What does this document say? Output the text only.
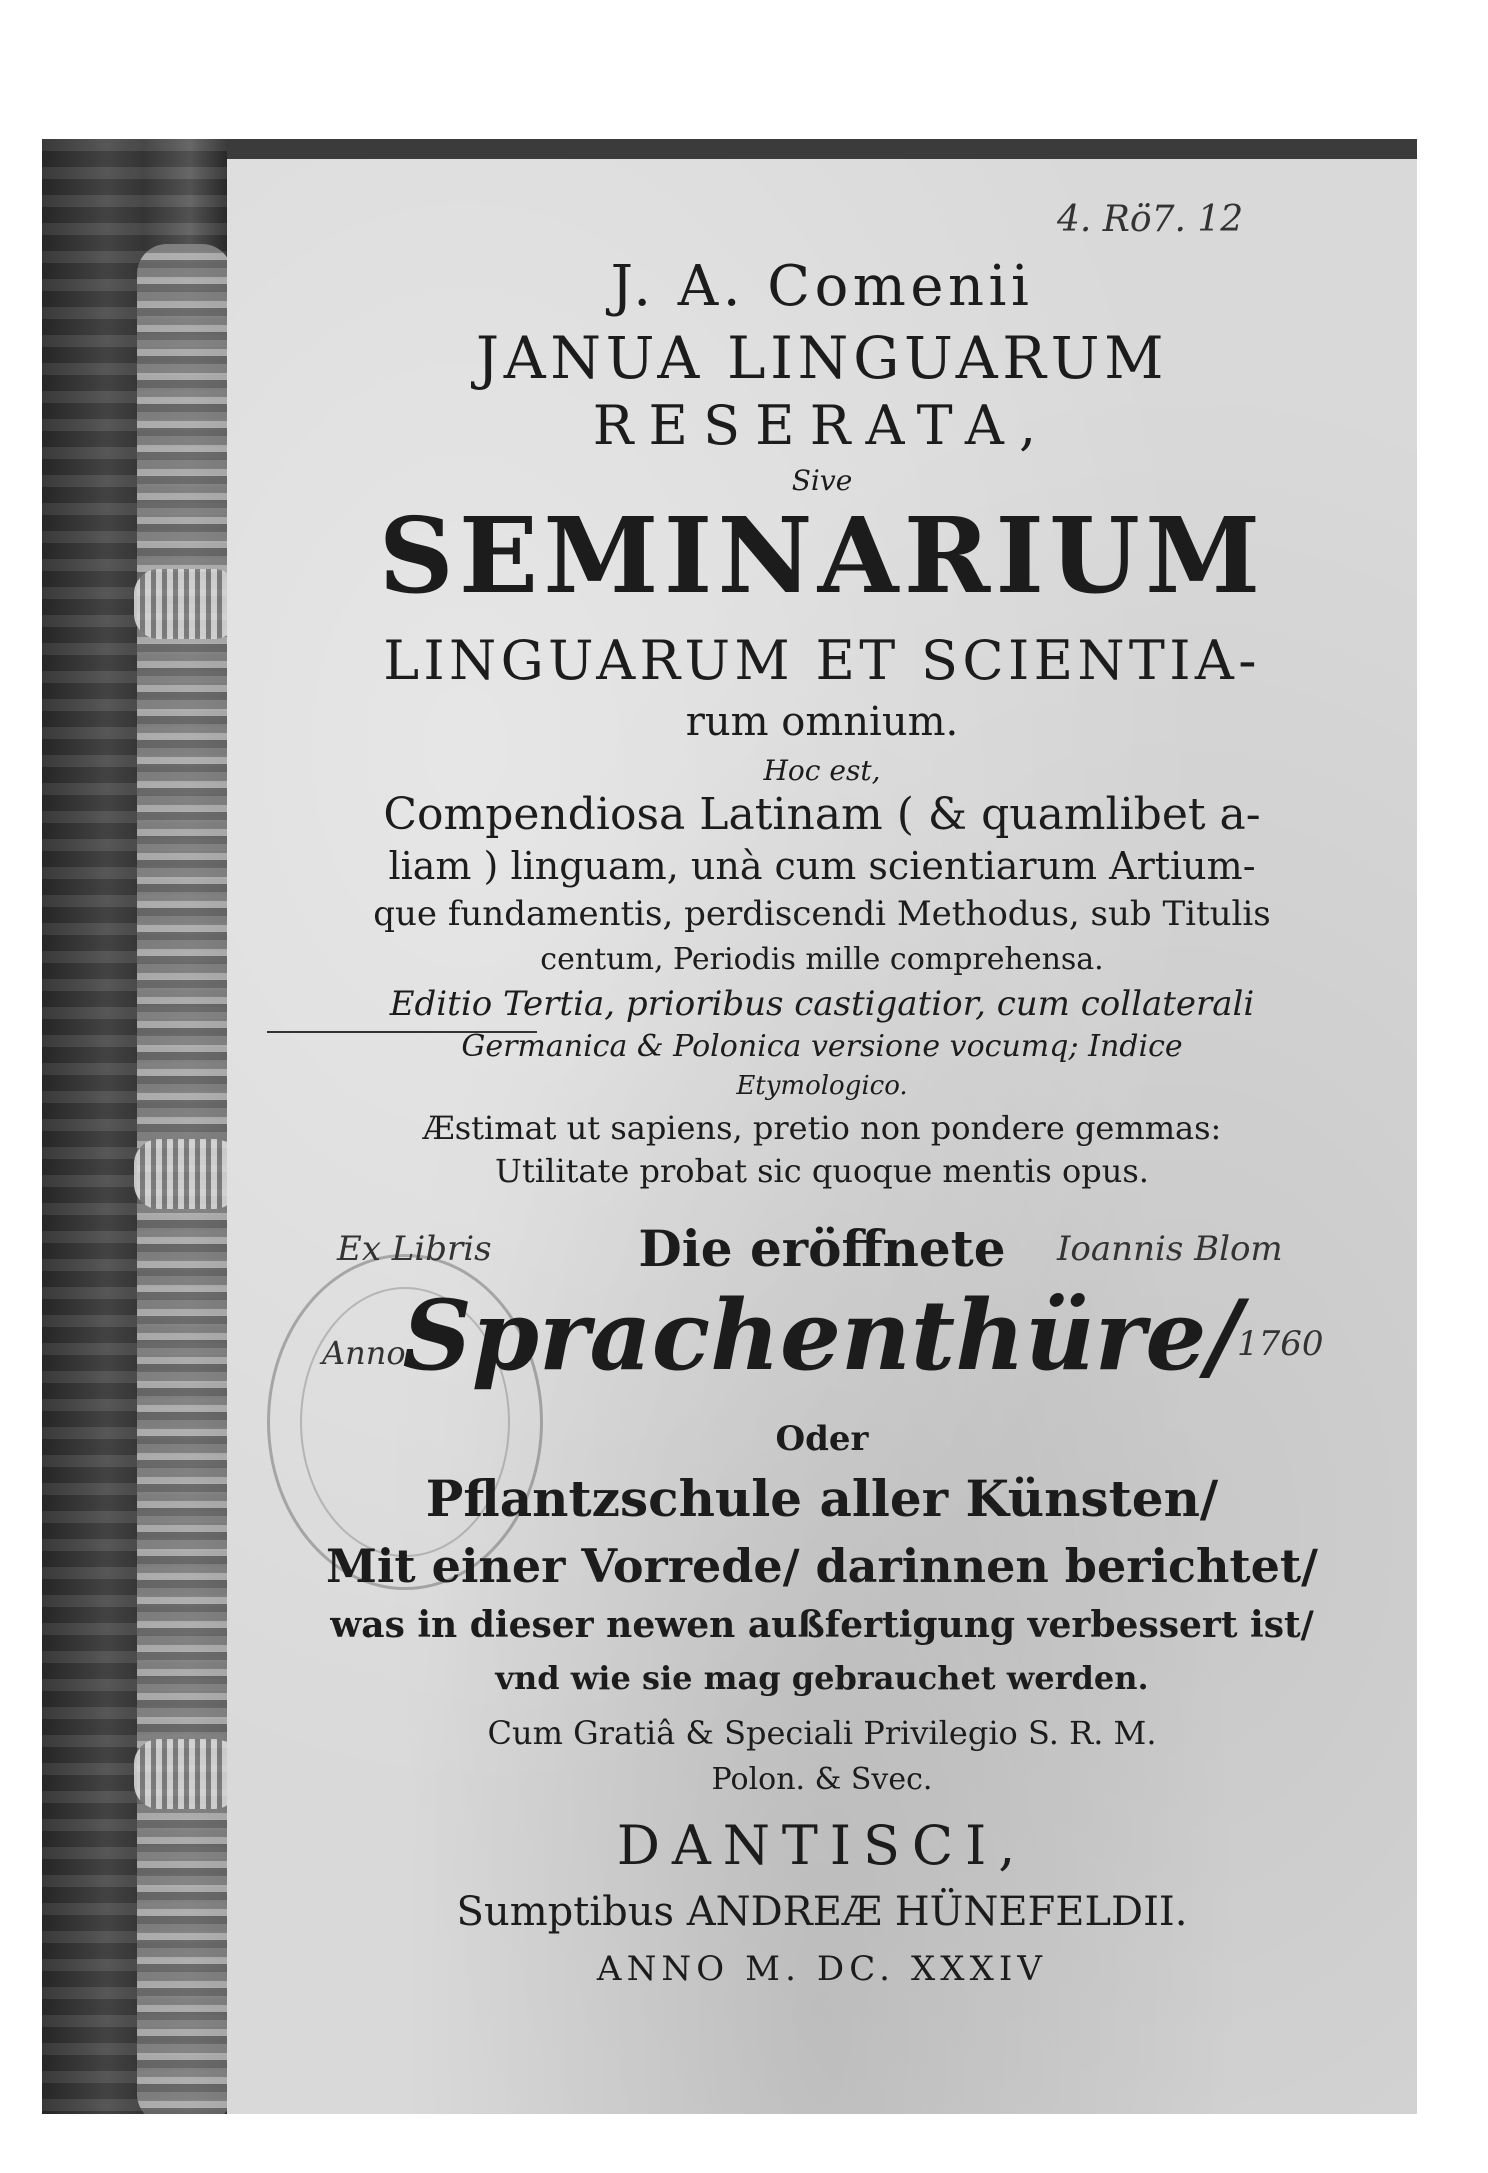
4. Rö7. 12

J. A. Comenii

JANUA LINGUARUM

RESERATA,

Sive

SEMINARIUM

LINGUARUM ET SCIENTIA-

rum omnium.

Hoc est,

Compendiosa Latinam ( & quamlibet a-

liam ) linguam, unà cum scientiarum Artium-

que fundamentis, perdiscendi Methodus, sub Titulis

centum, Periodis mille comprehensa.

Editio Tertia, prioribus castigatior, cum collaterali

Germanica & Polonica versione vocumq; Indice

Etymologico.

Æstimat ut sapiens, pretio non pondere gemmas:

Utilitate probat sic quoque mentis opus.

Ex Libris	Ioannis Blom

Die eröffnete

Anno	1760

Sprachenthüre/

Oder

Pflantzschule aller Künsten/

Mit einer Vorrede/ darinnen berichtet/

was in dieser newen außfertigung verbessert ist/

vnd wie sie mag gebrauchet werden.

Cum Gratiâ & Speciali Privilegio S. R. M.

Polon. & Svec.

DANTISCI,

Sumptibus ANDREÆ HÜNEFELDII.

ANNO M. DC. XXXIV
